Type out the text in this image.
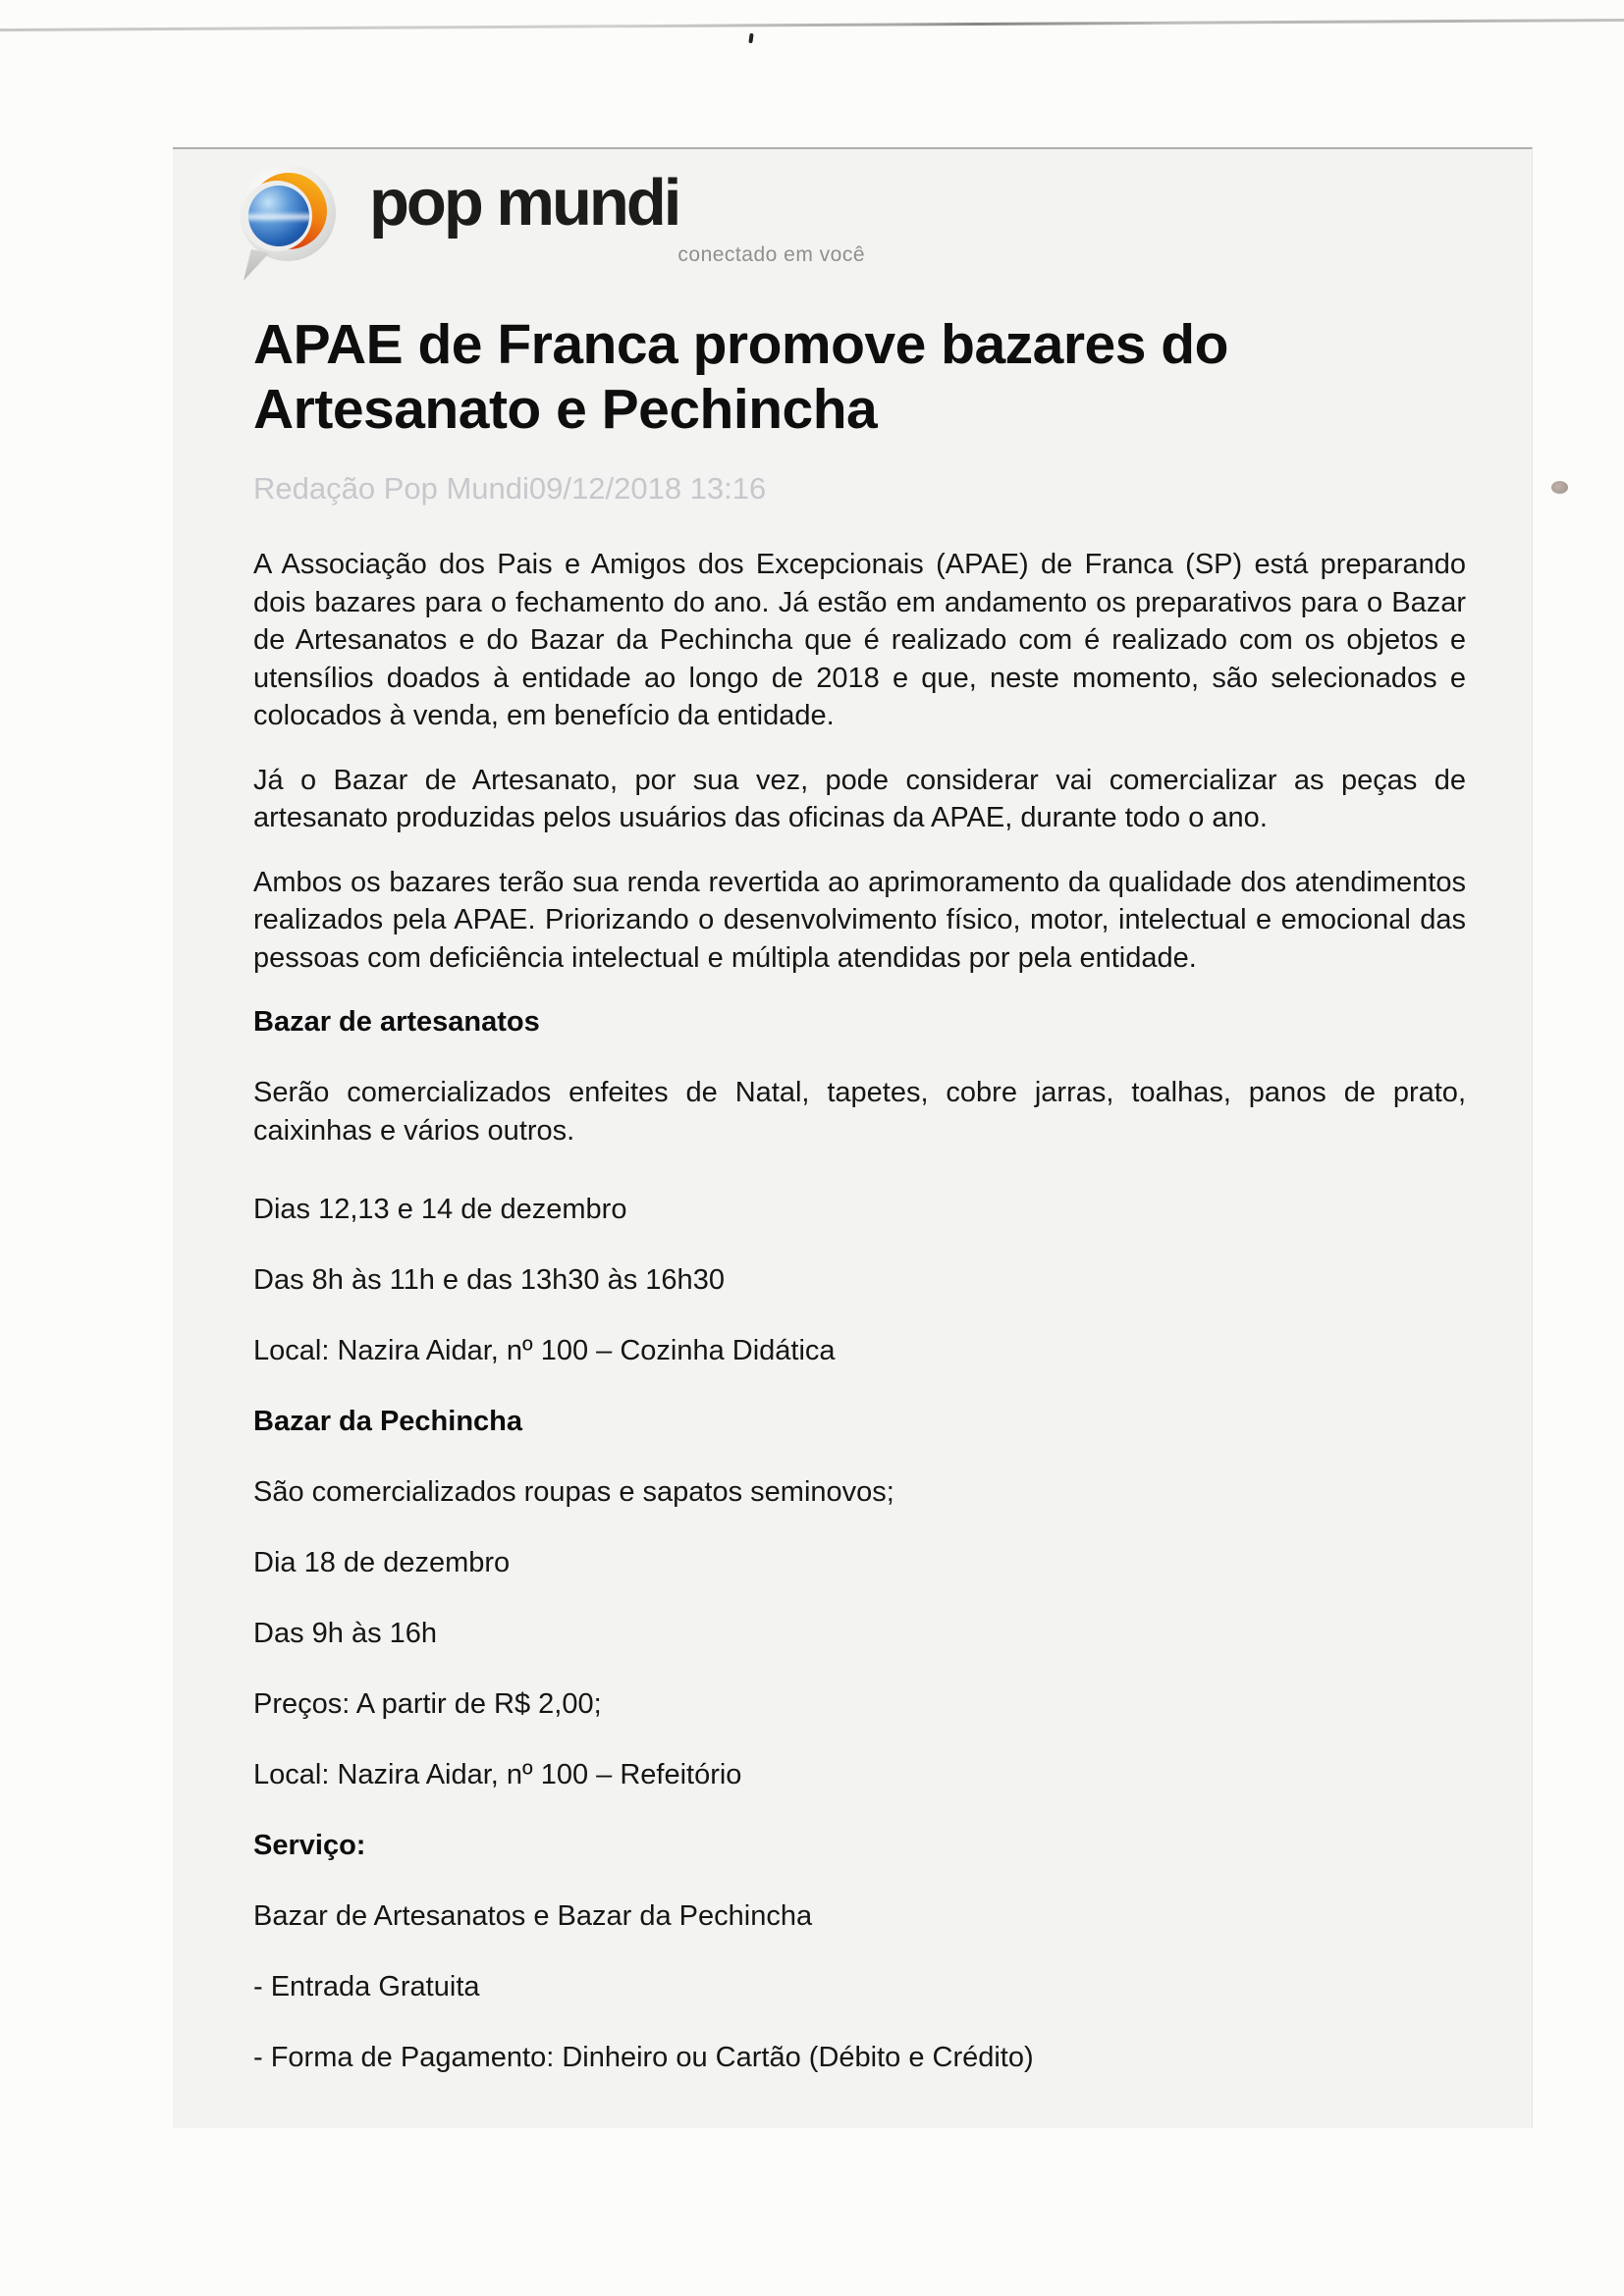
pop mundi
conectado em você
APAE de Franca promove bazares do Artesanato e Pechincha
Redação Pop Mundi09/12/2018 13:16

A Associação dos Pais e Amigos dos Excepcionais (APAE) de Franca (SP) está preparando dois bazares para o fechamento do ano. Já estão em andamento os preparativos para o Bazar de Artesanatos e do Bazar da Pechincha que é realizado com é realizado com os objetos e utensílios doados à entidade ao longo de 2018 e que, neste momento, são selecionados e colocados à venda, em benefício da entidade.

Já o Bazar de Artesanato, por sua vez, pode considerar vai comercializar as peças de artesanato produzidas pelos usuários das oficinas da APAE, durante todo o ano.

Ambos os bazares terão sua renda revertida ao aprimoramento da qualidade dos atendimentos realizados pela APAE. Priorizando o desenvolvimento físico, motor, intelectual e emocional das pessoas com deficiência intelectual e múltipla atendidas por pela entidade.

Bazar de artesanatos

Serão comercializados enfeites de Natal, tapetes, cobre jarras, toalhas, panos de prato, caixinhas e vários outros.

Dias 12,13 e 14 de dezembro

Das 8h às 11h e das 13h30 às 16h30

Local: Nazira Aidar, nº 100 – Cozinha Didática

Bazar da Pechincha

São comercializados roupas e sapatos seminovos;

Dia 18 de dezembro

Das 9h às 16h

Preços: A partir de R$ 2,00;

Local: Nazira Aidar, nº 100 – Refeitório

Serviço:

Bazar de Artesanatos e Bazar da Pechincha

- Entrada Gratuita

- Forma de Pagamento: Dinheiro ou Cartão (Débito e Crédito)
